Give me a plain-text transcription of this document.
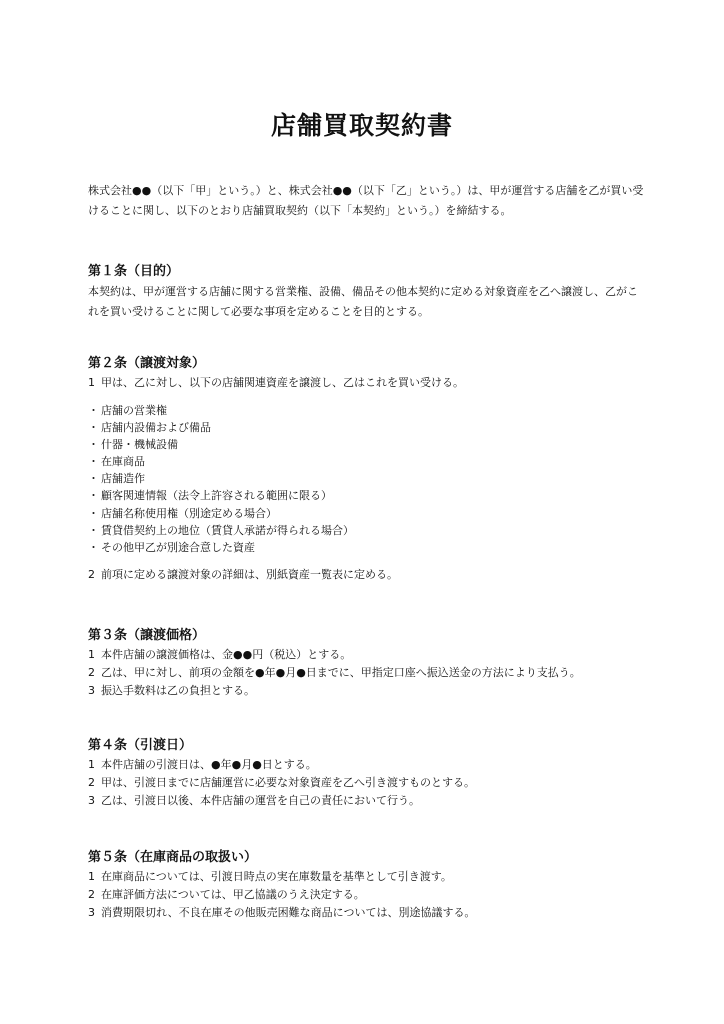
店舗買取契約書

株式会社●●（以下「甲」という。）と、株式会社●●（以下「乙」という。）は、甲が運営する店舗を乙が買い受けることに関し、以下のとおり店舗買取契約（以下「本契約」という。）を締結する。

第１条（目的）

本契約は、甲が運営する店舗に関する営業権、設備、備品その他本契約に定める対象資産を乙へ譲渡し、乙がこれを買い受けることに関して必要な事項を定めることを目的とする。

第２条（譲渡対象）

1 甲は、乙に対し、以下の店舗関連資産を譲渡し、乙はこれを買い受ける。

・ 店舗の営業権
・ 店舗内設備および備品
・ 什器・機械設備
・ 在庫商品
・ 店舗造作
・ 顧客関連情報（法令上許容される範囲に限る）
・ 店舗名称使用権（別途定める場合）
・ 賃貸借契約上の地位（賃貸人承諾が得られる場合）
・ その他甲乙が別途合意した資産

2 前項に定める譲渡対象の詳細は、別紙資産一覧表に定める。

第３条（譲渡価格）

1 本件店舗の譲渡価格は、金●●円（税込）とする。

2 乙は、甲に対し、前項の金額を●年●月●日までに、甲指定口座へ振込送金の方法により支払う。

3 振込手数料は乙の負担とする。

第４条（引渡日）

1 本件店舗の引渡日は、●年●月●日とする。

2 甲は、引渡日までに店舗運営に必要な対象資産を乙へ引き渡すものとする。

3 乙は、引渡日以後、本件店舗の運営を自己の責任において行う。

第５条（在庫商品の取扱い）

1 在庫商品については、引渡日時点の実在庫数量を基準として引き渡す。

2 在庫評価方法については、甲乙協議のうえ決定する。

3 消費期限切れ、不良在庫その他販売困難な商品については、別途協議する。
